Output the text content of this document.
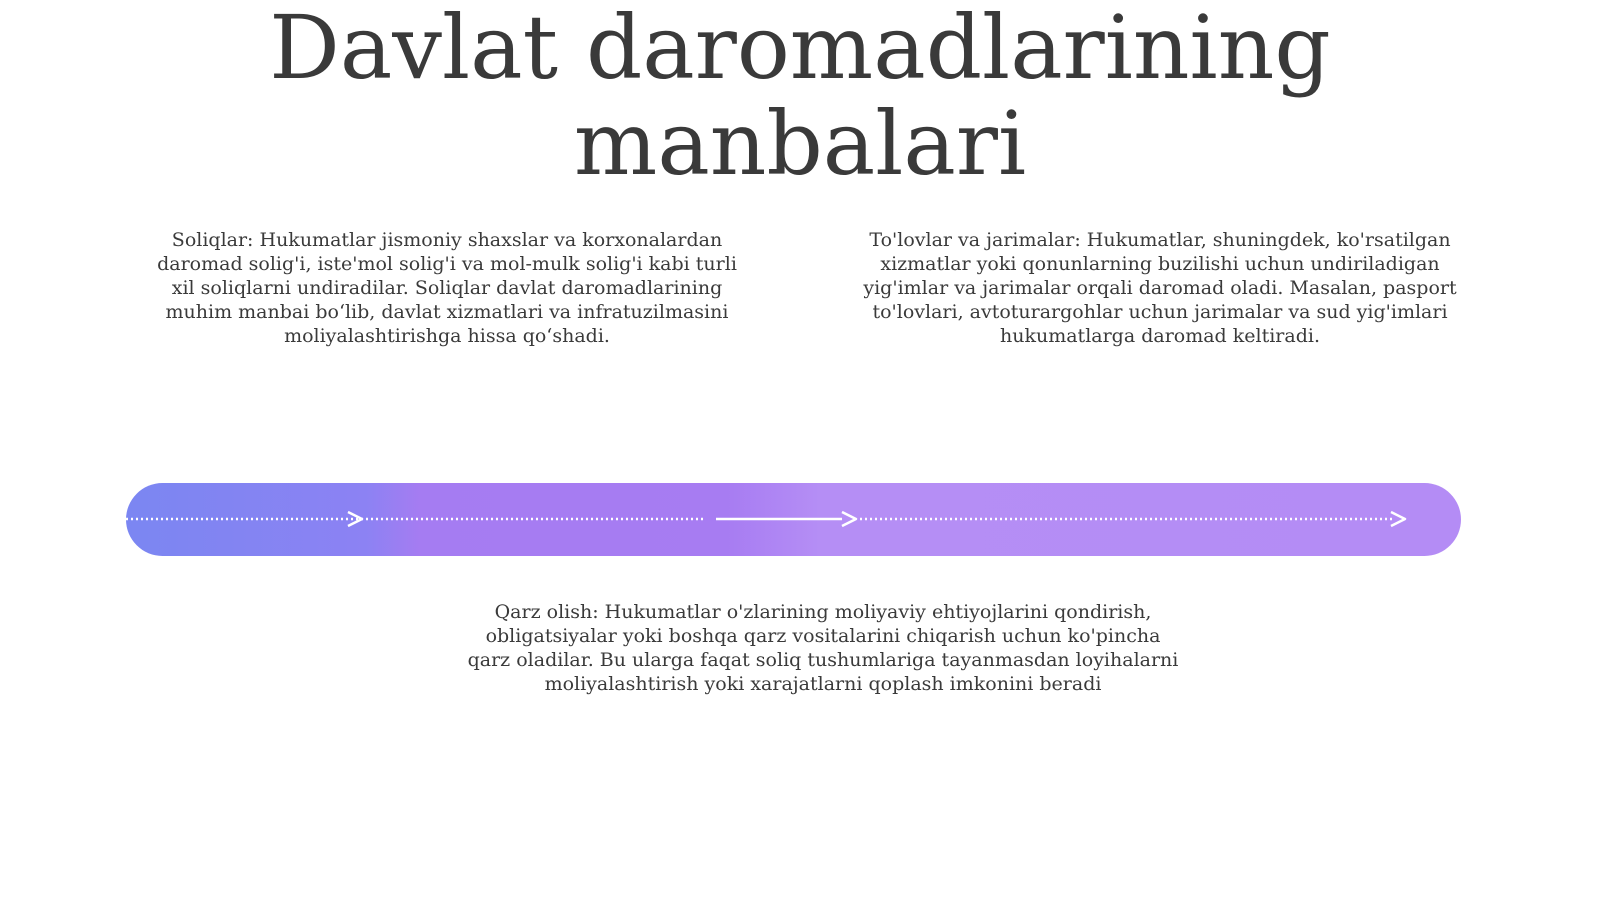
Davlat daromadlarining
manbalari

Soliqlar: Hukumatlar jismoniy shaxslar va korxonalardan daromad solig'i, iste'mol solig'i va mol-mulk solig'i kabi turli xil soliqlarni undiradilar. Soliqlar davlat daromadlarining muhim manbai bo‘lib, davlat xizmatlari va infratuzilmasini moliyalashtirishga hissa qo‘shadi.

To'lovlar va jarimalar: Hukumatlar, shuningdek, ko'rsatilgan xizmatlar yoki qonunlarning buzilishi uchun undiriladigan yig'imlar va jarimalar orqali daromad oladi. Masalan, pasport to'lovlari, avtoturargohlar uchun jarimalar va sud yig'imlari hukumatlarga daromad keltiradi.

Qarz olish: Hukumatlar o'zlarining moliyaviy ehtiyojlarini qondirish, obligatsiyalar yoki boshqa qarz vositalarini chiqarish uchun ko'pincha qarz oladilar. Bu ularga faqat soliq tushumlariga tayanmasdan loyihalarni moliyalashtirish yoki xarajatlarni qoplash imkonini beradi
